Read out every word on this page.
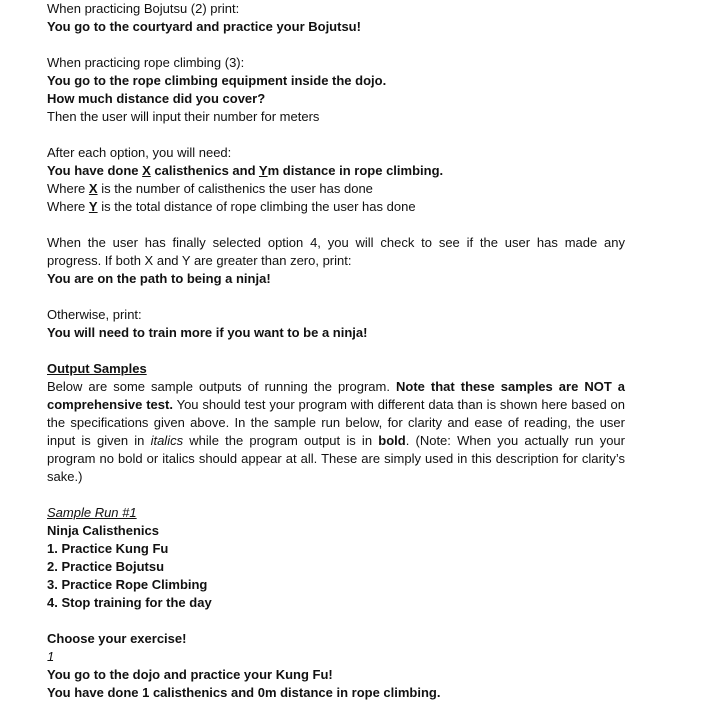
When practicing Bojutsu (2) print:
You go to the courtyard and practice your Bojutsu!
When practicing rope climbing (3):
You go to the rope climbing equipment inside the dojo.
How much distance did you cover?
Then the user will input their number for meters
After each option, you will need:
You have done X calisthenics and Ym distance in rope climbing.
Where X is the number of calisthenics the user has done
Where Y is the total distance of rope climbing the user has done
When the user has finally selected option 4, you will check to see if the user has made any progress. If both X and Y are greater than zero, print:
You are on the path to being a ninja!
Otherwise, print:
You will need to train more if you want to be a ninja!
Output Samples
Below are some sample outputs of running the program. Note that these samples are NOT a comprehensive test. You should test your program with different data than is shown here based on the specifications given above. In the sample run below, for clarity and ease of reading, the user input is given in italics while the program output is in bold. (Note: When you actually run your program no bold or italics should appear at all. These are simply used in this description for clarity’s sake.)
Sample Run #1
Ninja Calisthenics
1. Practice Kung Fu
2. Practice Bojutsu
3. Practice Rope Climbing
4. Stop training for the day
Choose your exercise!
1
You go to the dojo and practice your Kung Fu!
You have done 1 calisthenics and 0m distance in rope climbing.
